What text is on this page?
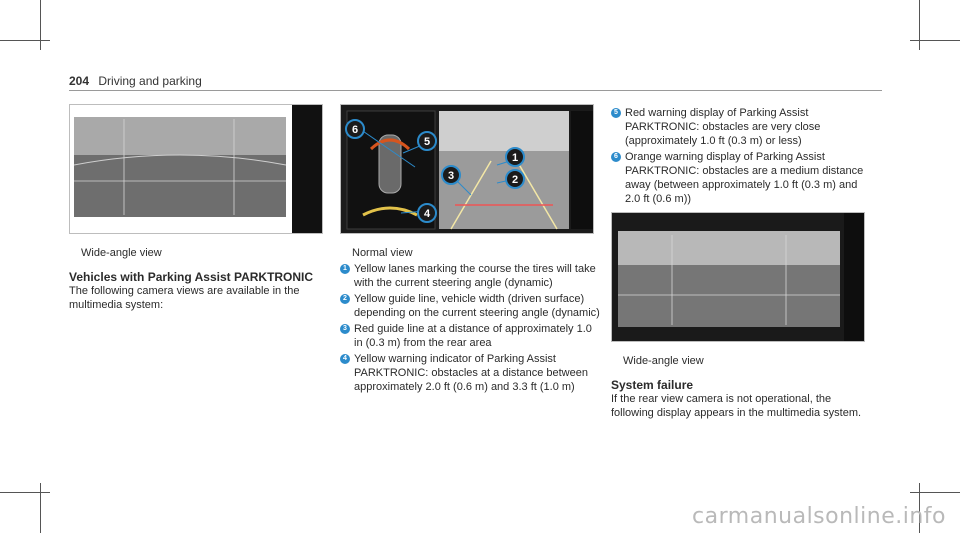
204 Driving and parking

Wide-angle view

Vehicles with Parking Assist PARKTRONIC

The following camera views are available in the multimedia system:

6
5
1
2
3
4

Normal view

1 Yellow lanes marking the course the tires will take with the current steering angle (dynamic)
2 Yellow guide line, vehicle width (driven surface) depending on the current steering angle (dynamic)
3 Red guide line at a distance of approximately 1.0 in (0.3 m) from the rear area
4 Yellow warning indicator of Parking Assist PARKTRONIC: obstacles at a distance between approximately 2.0 ft (0.6 m) and 3.3 ft (1.0 m)
5 Red warning display of Parking Assist PARKTRONIC: obstacles are very close (approximately 1.0 ft (0.3 m) or less)
6 Orange warning display of Parking Assist PARKTRONIC: obstacles are a medium distance away (between approximately 1.0 ft (0.3 m) and 2.0 ft (0.6 m))

Wide-angle view

System failure

If the rear view camera is not operational, the following display appears in the multimedia system.

carmanualsonline.info
